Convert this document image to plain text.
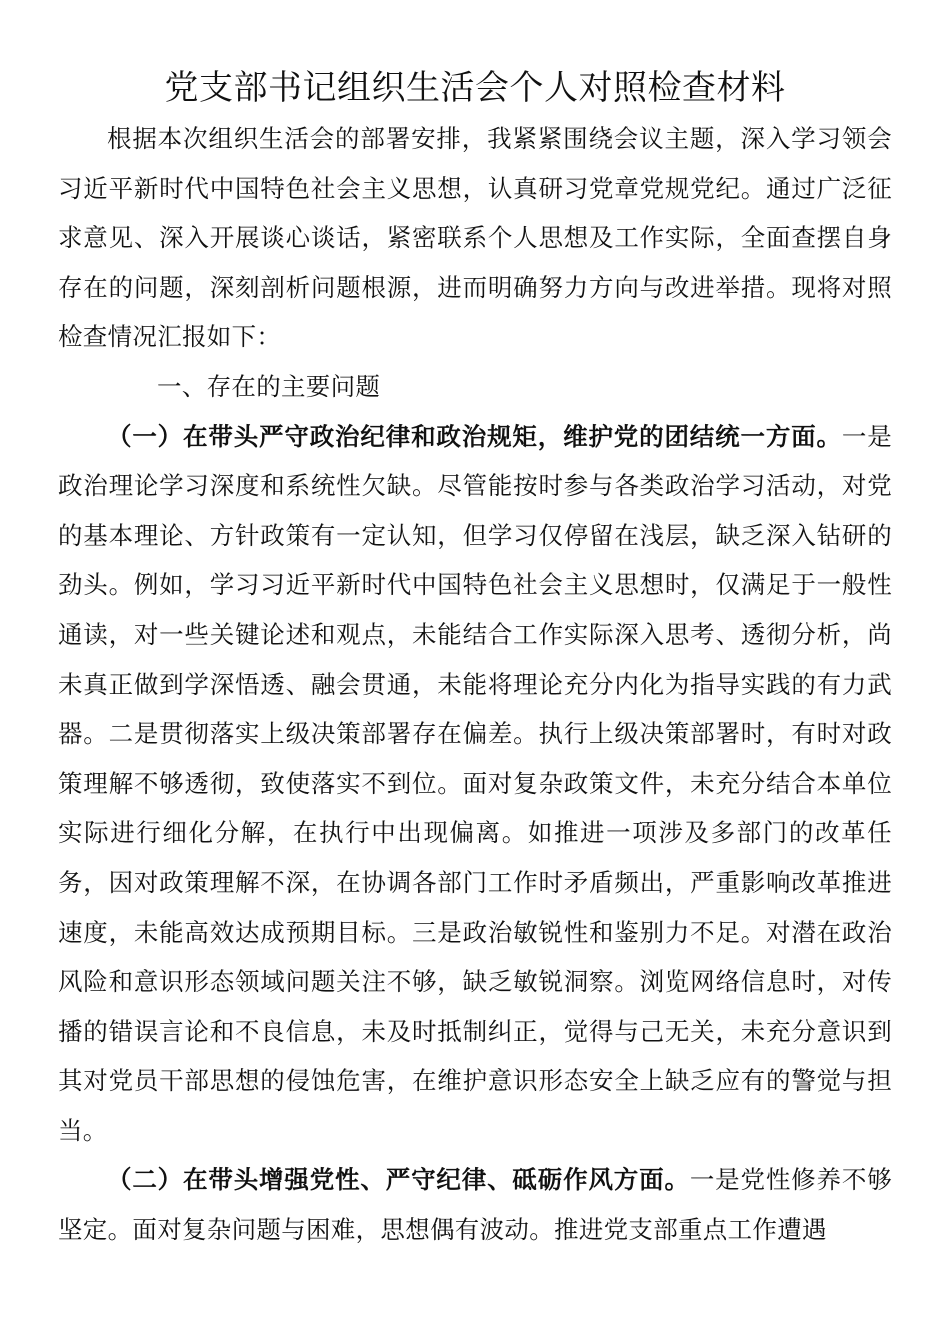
党支部书记组织生活会个人对照检查材料

根据本次组织生活会的部署安排，我紧紧围绕会议主题，深入学习领会习近平新时代中国特色社会主义思想，认真研习党章党规党纪。通过广泛征求意见、深入开展谈心谈话，紧密联系个人思想及工作实际，全面查摆自身存在的问题，深刻剖析问题根源，进而明确努力方向与改进举措。现将对照检查情况汇报如下：

一、存在的主要问题

（一）在带头严守政治纪律和政治规矩，维护党的团结统一方面。一是政治理论学习深度和系统性欠缺。尽管能按时参与各类政治学习活动，对党的基本理论、方针政策有一定认知，但学习仅停留在浅层，缺乏深入钻研的劲头。例如，学习习近平新时代中国特色社会主义思想时，仅满足于一般性通读，对一些关键论述和观点，未能结合工作实际深入思考、透彻分析，尚未真正做到学深悟透、融会贯通，未能将理论充分内化为指导实践的有力武器。二是贯彻落实上级决策部署存在偏差。执行上级决策部署时，有时对政策理解不够透彻，致使落实不到位。面对复杂政策文件，未充分结合本单位实际进行细化分解，在执行中出现偏离。如推进一项涉及多部门的改革任务，因对政策理解不深，在协调各部门工作时矛盾频出，严重影响改革推进速度，未能高效达成预期目标。三是政治敏锐性和鉴别力不足。对潜在政治风险和意识形态领域问题关注不够，缺乏敏锐洞察。浏览网络信息时，对传播的错误言论和不良信息，未及时抵制纠正，觉得与己无关，未充分意识到其对党员干部思想的侵蚀危害，在维护意识形态安全上缺乏应有的警觉与担当。

（二）在带头增强党性、严守纪律、砥砺作风方面。一是党性修养不够坚定。面对复杂问题与困难，思想偶有波动。推进党支部重点工作遭遇
